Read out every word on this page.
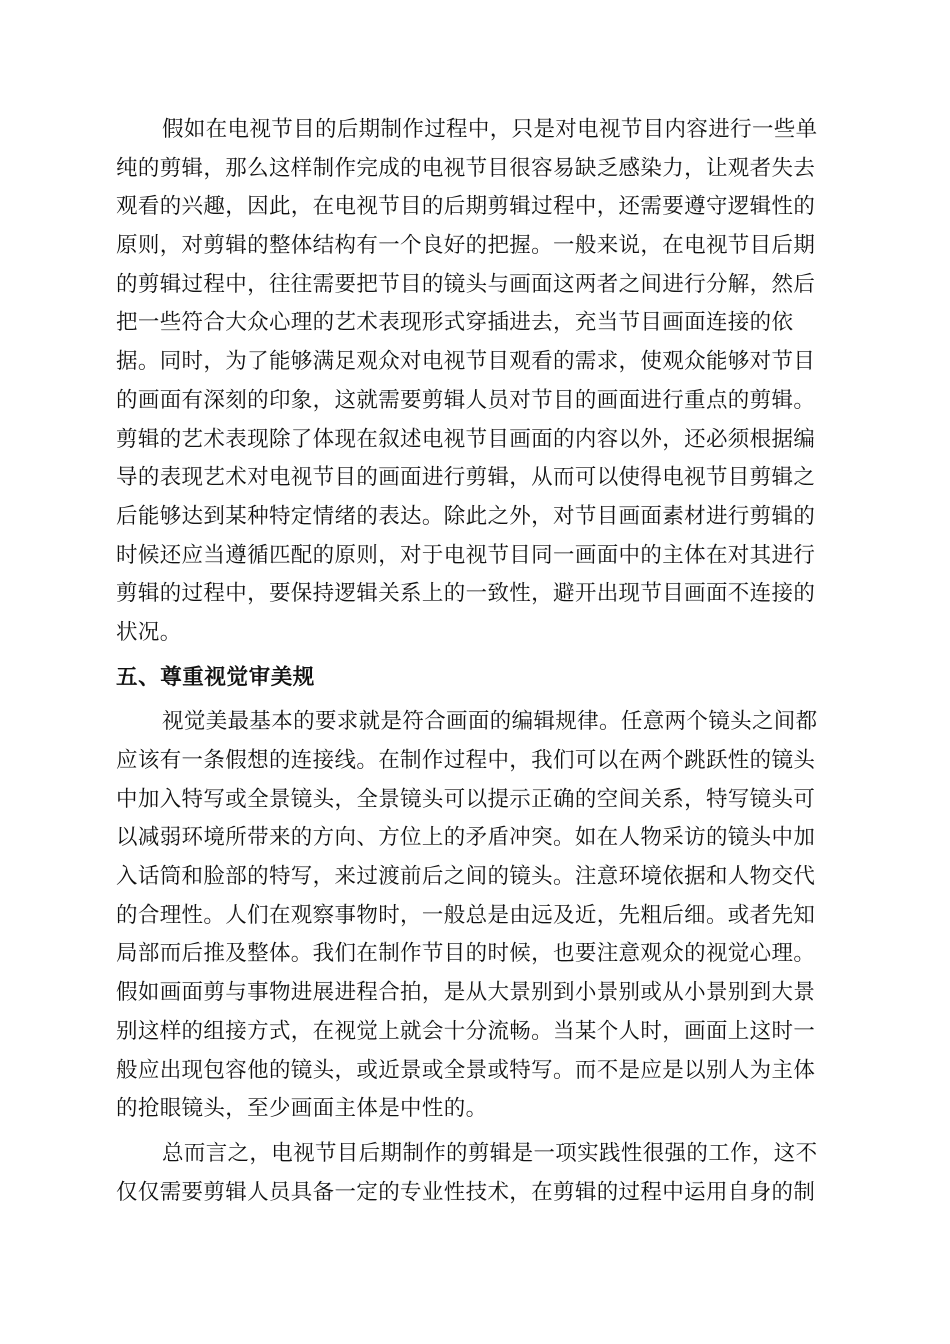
假如在电视节目的后期制作过程中，只是对电视节目内容进行一些单
纯的剪辑，那么这样制作完成的电视节目很容易缺乏感染力，让观者失去
观看的兴趣，因此，在电视节目的后期剪辑过程中，还需要遵守逻辑性的
原则，对剪辑的整体结构有一个良好的把握。一般来说，在电视节目后期
的剪辑过程中，往往需要把节目的镜头与画面这两者之间进行分解，然后
把一些符合大众心理的艺术表现形式穿插进去，充当节目画面连接的依
据。同时，为了能够满足观众对电视节目观看的需求，使观众能够对节目
的画面有深刻的印象，这就需要剪辑人员对节目的画面进行重点的剪辑。
剪辑的艺术表现除了体现在叙述电视节目画面的内容以外，还必须根据编
导的表现艺术对电视节目的画面进行剪辑，从而可以使得电视节目剪辑之
后能够达到某种特定情绪的表达。除此之外，对节目画面素材进行剪辑的
时候还应当遵循匹配的原则，对于电视节目同一画面中的主体在对其进行
剪辑的过程中，要保持逻辑关系上的一致性，避开出现节目画面不连接的
状况。
五、尊重视觉审美规
视觉美最基本的要求就是符合画面的编辑规律。任意两个镜头之间都
应该有一条假想的连接线。在制作过程中，我们可以在两个跳跃性的镜头
中加入特写或全景镜头，全景镜头可以提示正确的空间关系，特写镜头可
以减弱环境所带来的方向、方位上的矛盾冲突。如在人物采访的镜头中加
入话筒和脸部的特写，来过渡前后之间的镜头。注意环境依据和人物交代
的合理性。人们在观察事物时，一般总是由远及近，先粗后细。或者先知
局部而后推及整体。我们在制作节目的时候，也要注意观众的视觉心理。
假如画面剪与事物进展进程合拍，是从大景别到小景别或从小景别到大景
别这样的组接方式，在视觉上就会十分流畅。当某个人时，画面上这时一
般应出现包容他的镜头，或近景或全景或特写。而不是应是以别人为主体
的抢眼镜头，至少画面主体是中性的。
总而言之，电视节目后期制作的剪辑是一项实践性很强的工作，这不
仅仅需要剪辑人员具备一定的专业性技术，在剪辑的过程中运用自身的制
